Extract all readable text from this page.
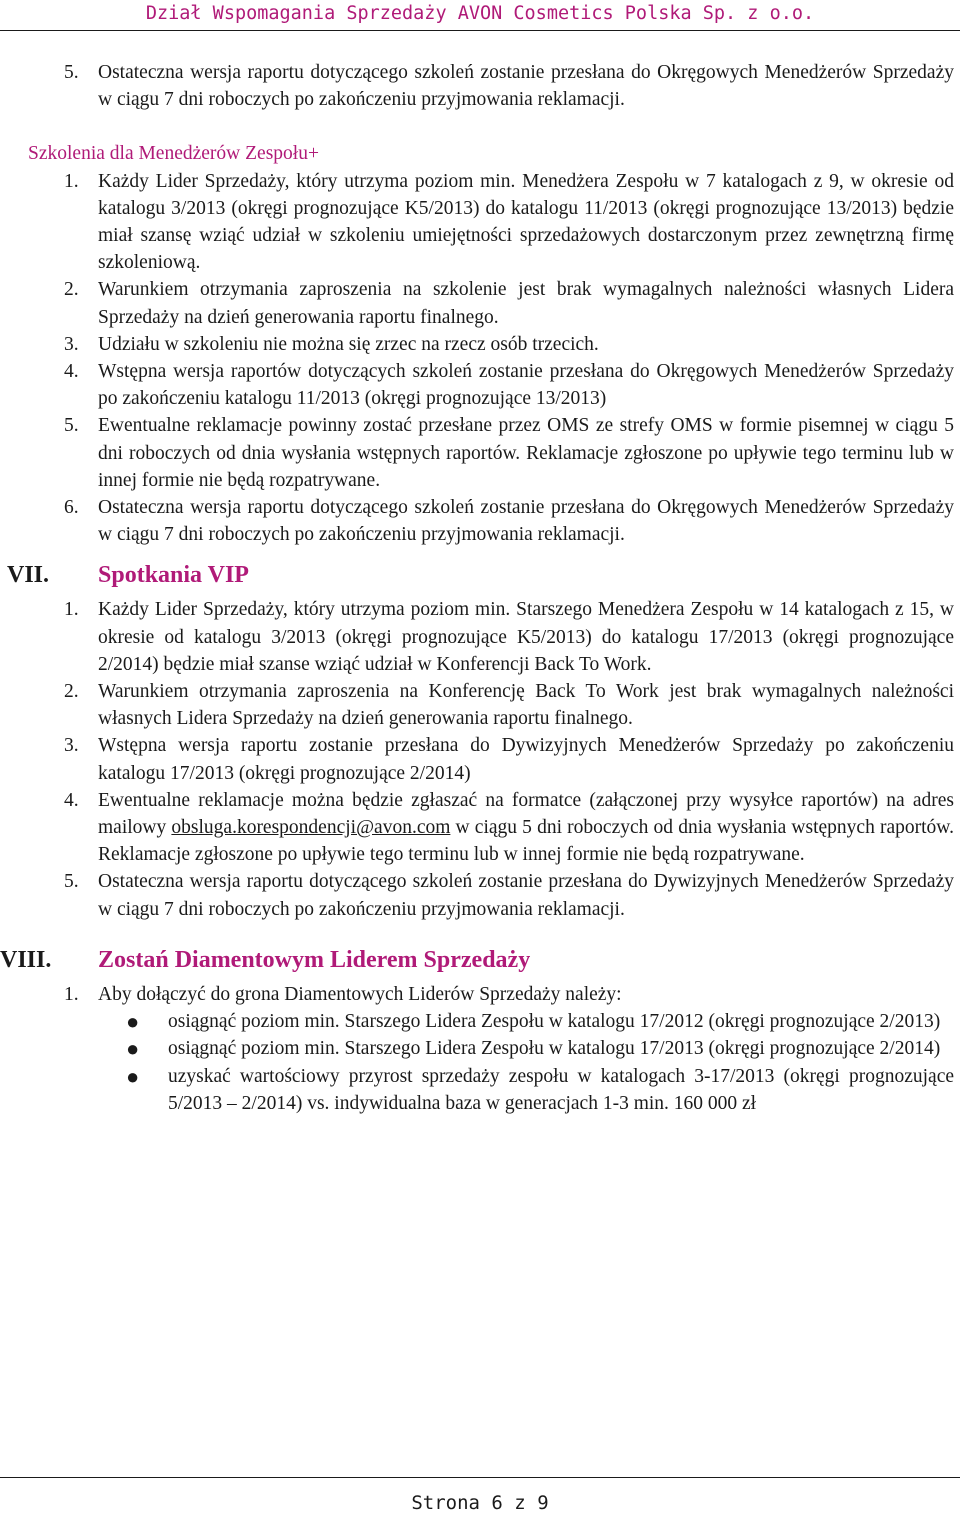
Dział Wspomagania Sprzedaży AVON Cosmetics Polska Sp. z o.o.
5. Ostateczna wersja raportu dotyczącego szkoleń zostanie przesłana do Okręgowych Menedżerów Sprzedaży w ciągu 7 dni roboczych po zakończeniu przyjmowania reklamacji.
Szkolenia dla Menedżerów Zespołu+
1. Każdy Lider Sprzedaży, który utrzyma poziom min. Menedżera Zespołu w 7 katalogach z 9, w okresie od katalogu 3/2013 (okręgi prognozujące K5/2013) do katalogu 11/2013 (okręgi prognozujące 13/2013) będzie miał szansę wziąć udział w szkoleniu umiejętności sprzedażowych dostarczonym przez zewnętrzną firmę szkoleniową.
2. Warunkiem otrzymania zaproszenia na szkolenie jest brak wymagalnych należności własnych Lidera Sprzedaży na dzień generowania raportu finalnego.
3. Udziału w szkoleniu nie można się zrzec na rzecz osób trzecich.
4. Wstępna wersja raportów dotyczących szkoleń zostanie przesłana do Okręgowych Menedżerów Sprzedaży po zakończeniu katalogu 11/2013 (okręgi prognozujące 13/2013)
5. Ewentualne reklamacje powinny zostać przesłane przez OMS ze strefy OMS w formie pisemnej w ciągu 5 dni roboczych od dnia wysłania wstępnych raportów. Reklamacje zgłoszone po upływie tego terminu lub w innej formie nie będą rozpatrywane.
6. Ostateczna wersja raportu dotyczącego szkoleń zostanie przesłana do Okręgowych Menedżerów Sprzedaży w ciągu 7 dni roboczych po zakończeniu przyjmowania reklamacji.
VII. Spotkania VIP
1. Każdy Lider Sprzedaży, który utrzyma poziom min. Starszego Menedżera Zespołu w 14 katalogach z 15, w okresie od katalogu 3/2013 (okręgi prognozujące K5/2013) do katalogu 17/2013 (okręgi prognozujące 2/2014) będzie miał szanse wziąć udział w Konferencji Back To Work.
2. Warunkiem otrzymania zaproszenia na Konferencję Back To Work jest brak wymagalnych należności własnych Lidera Sprzedaży na dzień generowania raportu finalnego.
3. Wstępna wersja raportu zostanie przesłana do Dywizyjnych Menedżerów Sprzedaży po zakończeniu katalogu 17/2013 (okręgi prognozujące 2/2014)
4. Ewentualne reklamacje można będzie zgłaszać na formatce (załączonej przy wysyłce raportów) na adres mailowy obsluga.korespondencji@avon.com w ciągu 5 dni roboczych od dnia wysłania wstępnych raportów. Reklamacje zgłoszone po upływie tego terminu lub w innej formie nie będą rozpatrywane.
5. Ostateczna wersja raportu dotyczącego szkoleń zostanie przesłana do Dywizyjnych Menedżerów Sprzedaży w ciągu 7 dni roboczych po zakończeniu przyjmowania reklamacji.
VIII. Zostań Diamentowym Liderem Sprzedaży
1. Aby dołączyć do grona Diamentowych Liderów Sprzedaży należy:
● osiągnąć poziom min. Starszego Lidera Zespołu w katalogu 17/2012 (okręgi prognozujące 2/2013)
● osiągnąć poziom min. Starszego Lidera Zespołu w katalogu 17/2013 (okręgi prognozujące 2/2014)
● uzyskać wartościowy przyrost sprzedaży zespołu w katalogach 3-17/2013 (okręgi prognozujące 5/2013 – 2/2014) vs. indywidualna baza w generacjach 1-3 min. 160 000 zł
Strona 6 z 9
